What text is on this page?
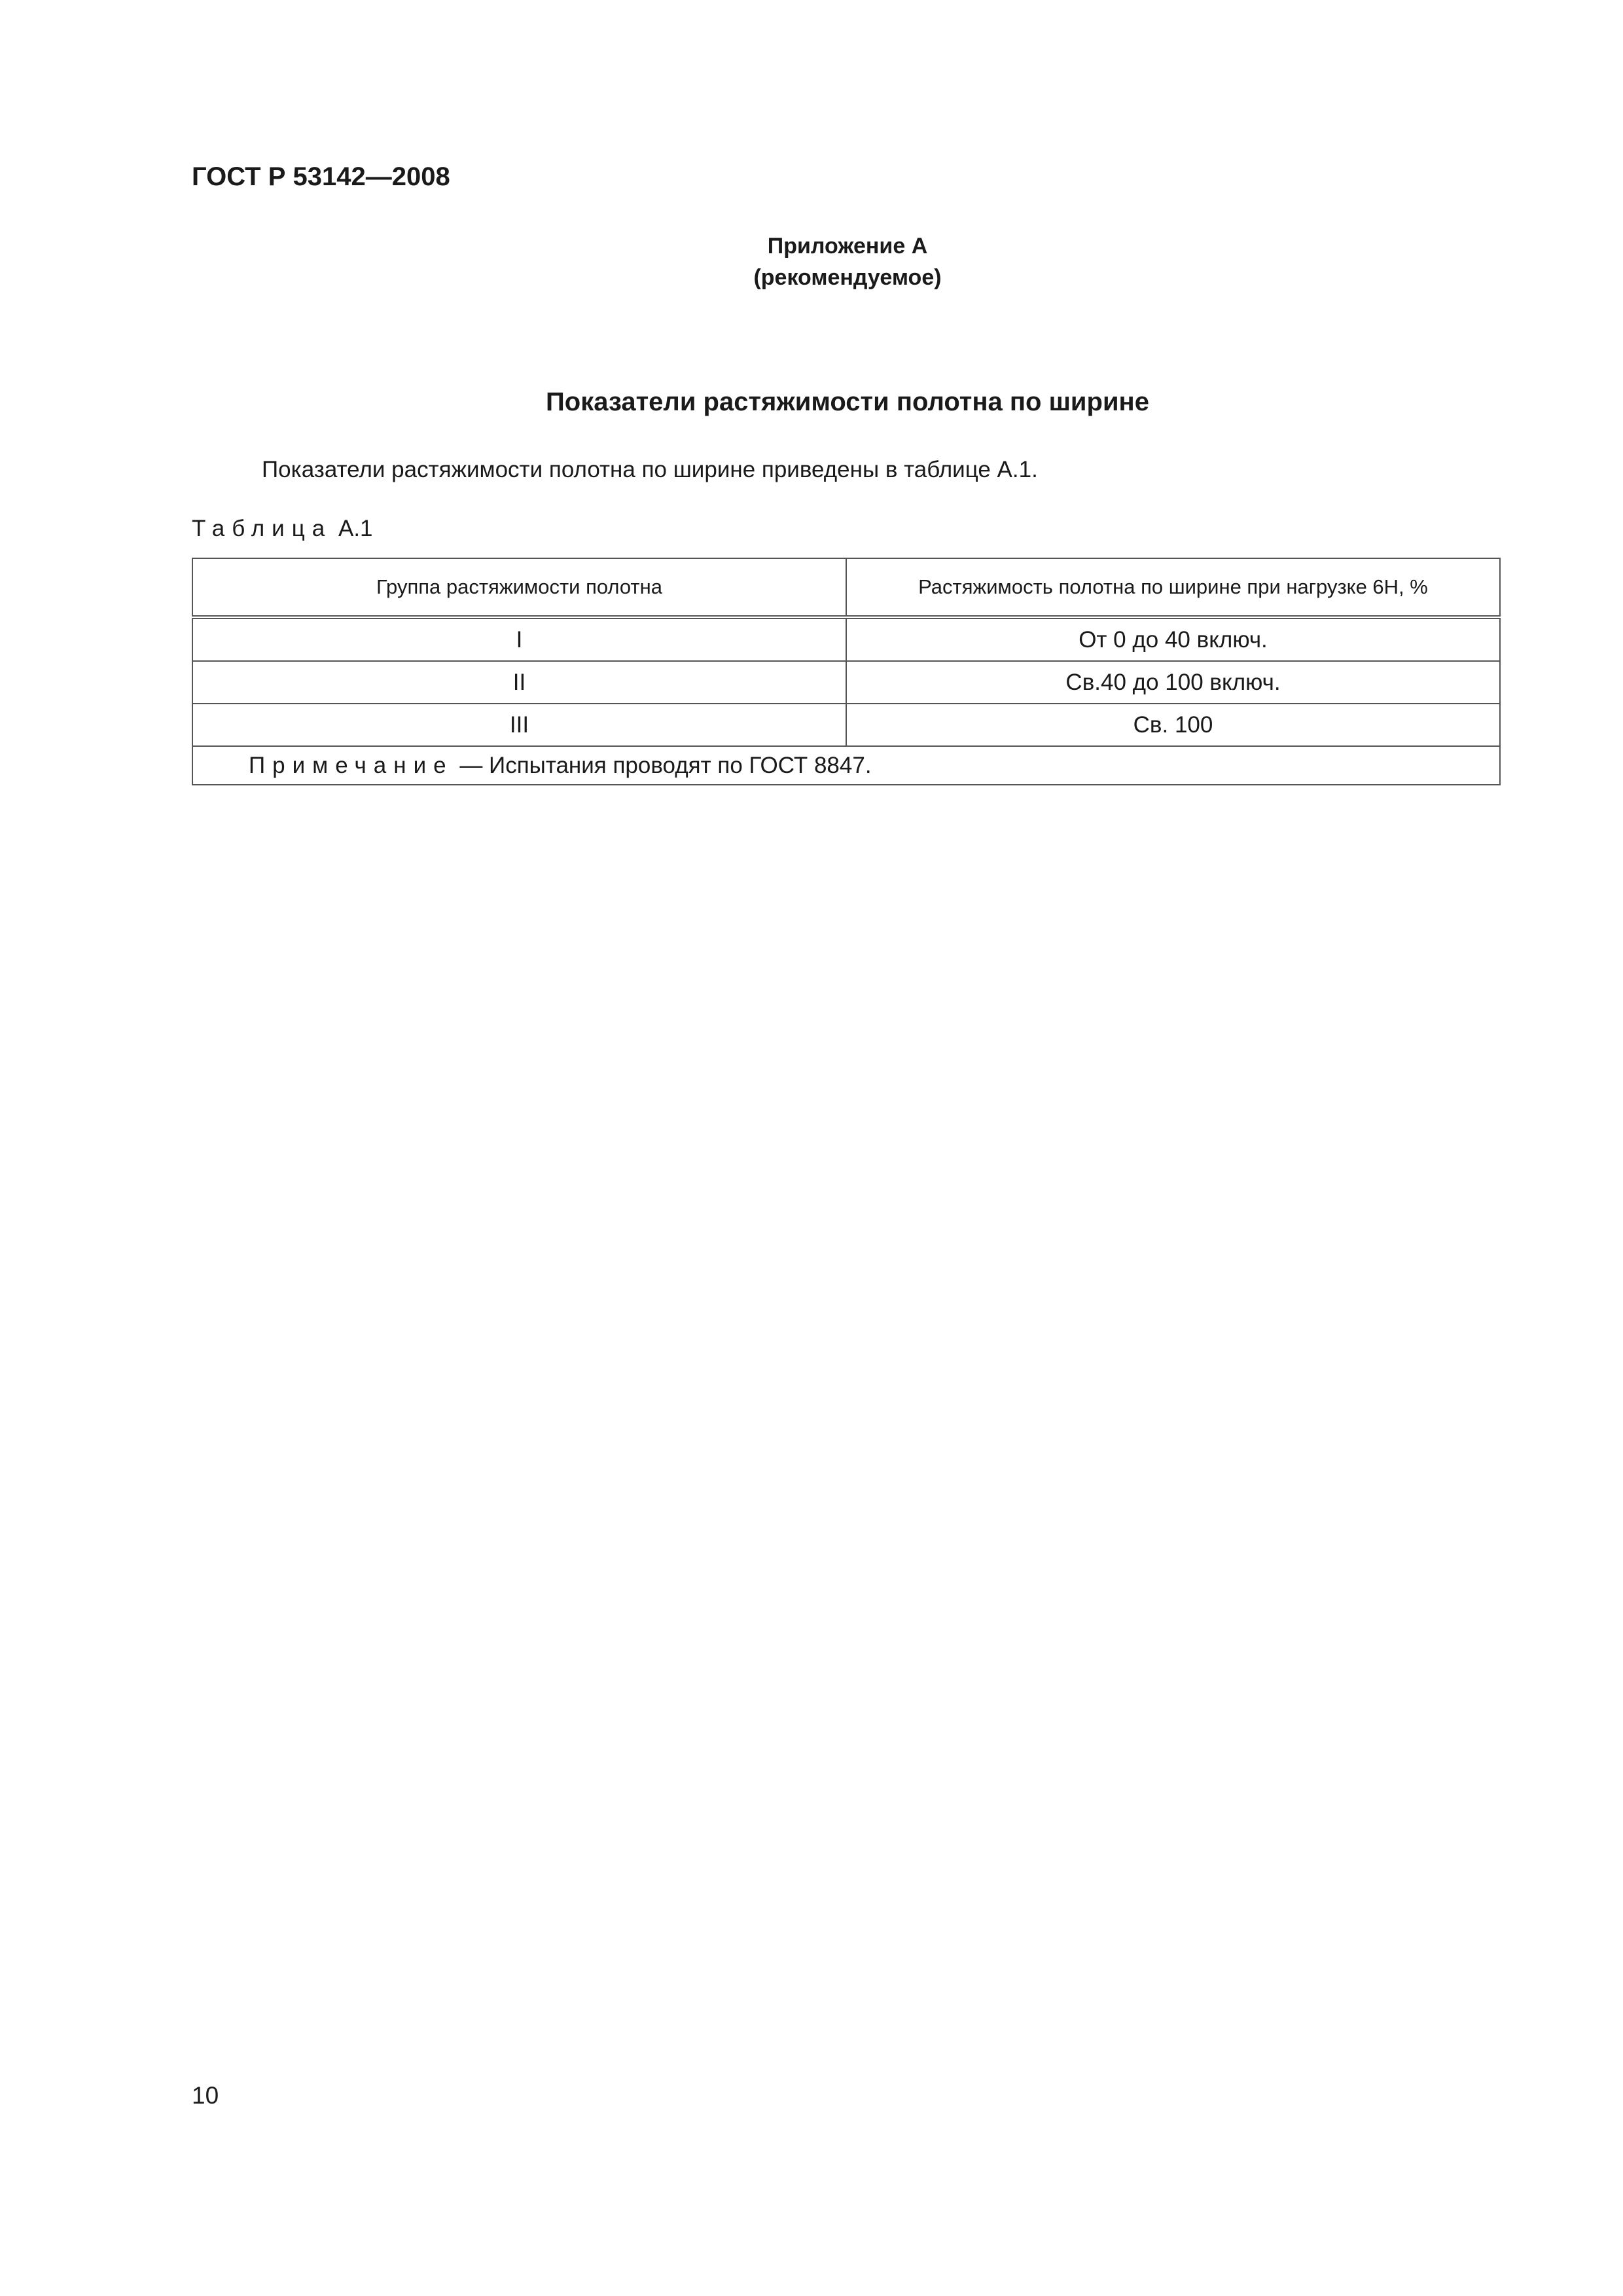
ГОСТ Р 53142—2008
Приложение А
(рекомендуемое)
Показатели растяжимости полотна по ширине
Показатели растяжимости полотна по ширине приведены в таблице А.1.
Таблица А.1
Группа растяжимости полотна	Растяжимость полотна по ширине при нагрузке 6Н, %
I	От 0 до 40 включ.
II	Св.40 до 100 включ.
III	Св. 100
Примечание — Испытания проводят по ГОСТ 8847.	
10
